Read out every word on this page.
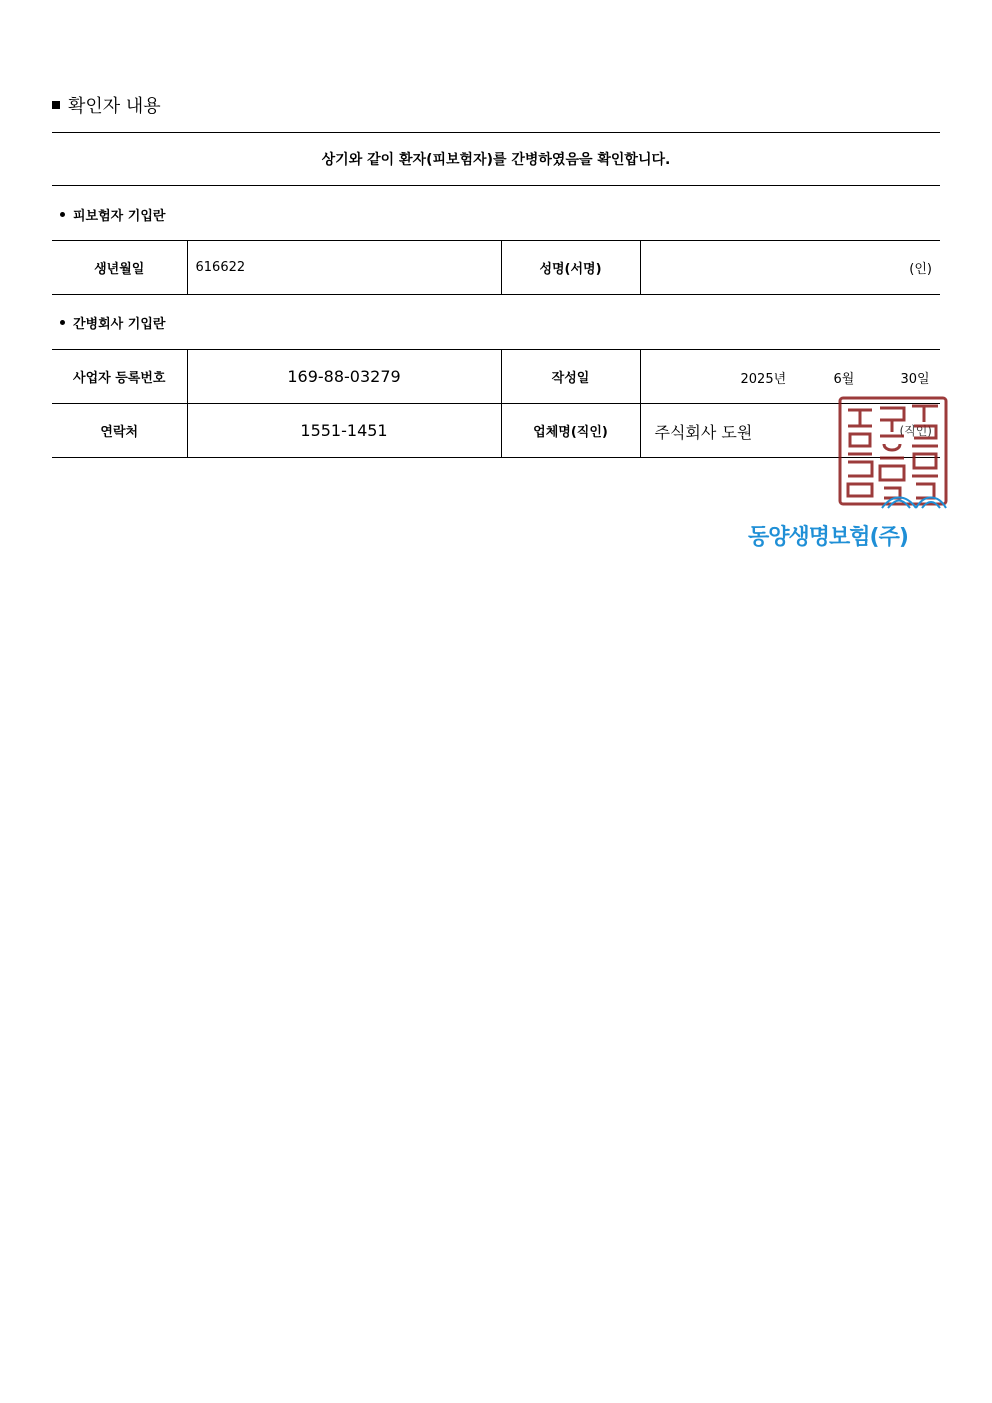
확인자 내용
상기와 같이 환자(피보험자)를 간병하였음을 확인합니다.
피보험자 기입란
생년월일	616622	성명(서명)	(인)
간병회사 기입란
사업자 등록번호	169-88-03279	작성일	2025년 6월 30일

연락처	1551-1451	업체명(직인)	주식회사 도원 (직인)
동양생명보험(주)
